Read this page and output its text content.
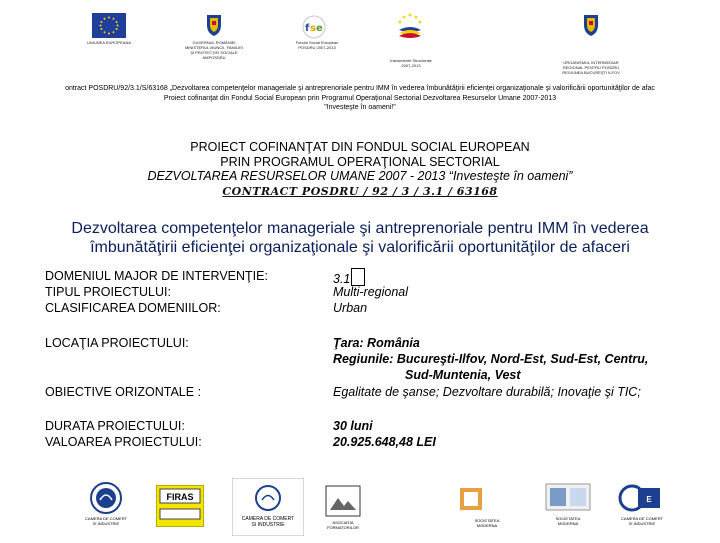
UNIUNEA EUROPEANA	GUVERNUL ROMÂNIEI
MINISTERUL MUNCII, FAMILIEI
ŞI PROTECŢIEI SOCIALE
AMPOSDRU
f s e
Fondul Social European
POSDRU 2007-2013
Instrumente Structurale
2007-2013
ORGANISMUL INTERMEDIAR
REGIONAL PENTRU POSDRU
REGIUNEA BUCUREŞTI ILFOV
ontract POSDRU/92/3.1/S/63168 „Dezvoltarea competenţelor manageriale şi antreprenoriale pentru IMM în vederea îmbunătăţirii eficienţei organizaţionale şi valorificării oportunităţilor de afac
Proiect cofinanţat din Fondul Social European prin Programul Operaţional Sectorial Dezvoltarea Resurselor Umane 2007-2013
"Investeşte în oameni!"
PROIECT COFINANŢAT DIN FONDUL SOCIAL EUROPEAN
PRIN PROGRAMUL OPERAŢIONAL SECTORIAL
DEZVOLTAREA RESURSELOR UMANE 2007 - 2013 “Investeşte în oameni”
CONTRACT POSDRU / 92 / 3 / 3.1 / 63168
Dezvoltarea competenţelor manageriale şi antreprenoriale pentru IMM în vederea
îmbunătăţirii eficienţei organizaţionale şi valorificării oportunităţilor de afaceri
DOMENIUL MAJOR DE INTERVENŢIE:	3.1
TIPUL PROIECTULUI:	Multi-regional
CLASIFICAREA DOMENIILOR:	Urban
LOCAŢIA PROIECTULUI:	Ţara: România
Regiunile: Bucureşti-Ilfov, Nord-Est, Sud-Est, Centru,
Sud-Muntenia, Vest
OBIECTIVE ORIZONTALE :	Egalitate de şanse; Dezvoltare durabilă; Inovaţie şi TIC;
DURATA PROIECTULUI:	30 luni
VALOAREA PROIECTULUI:	20.925.648,48 LEI
CAMERA DE COMERT
SI INDUSTRIE
FIRAS
CAMERA DE COMERT
SI INDUSTRIE	ASOCIATIA
FORMATORILOR
SOCIETATEA
MODERNA
SOCIETATEA
MODERNA
E
CAMERA DE COMERT
SI INDUSTRIE
